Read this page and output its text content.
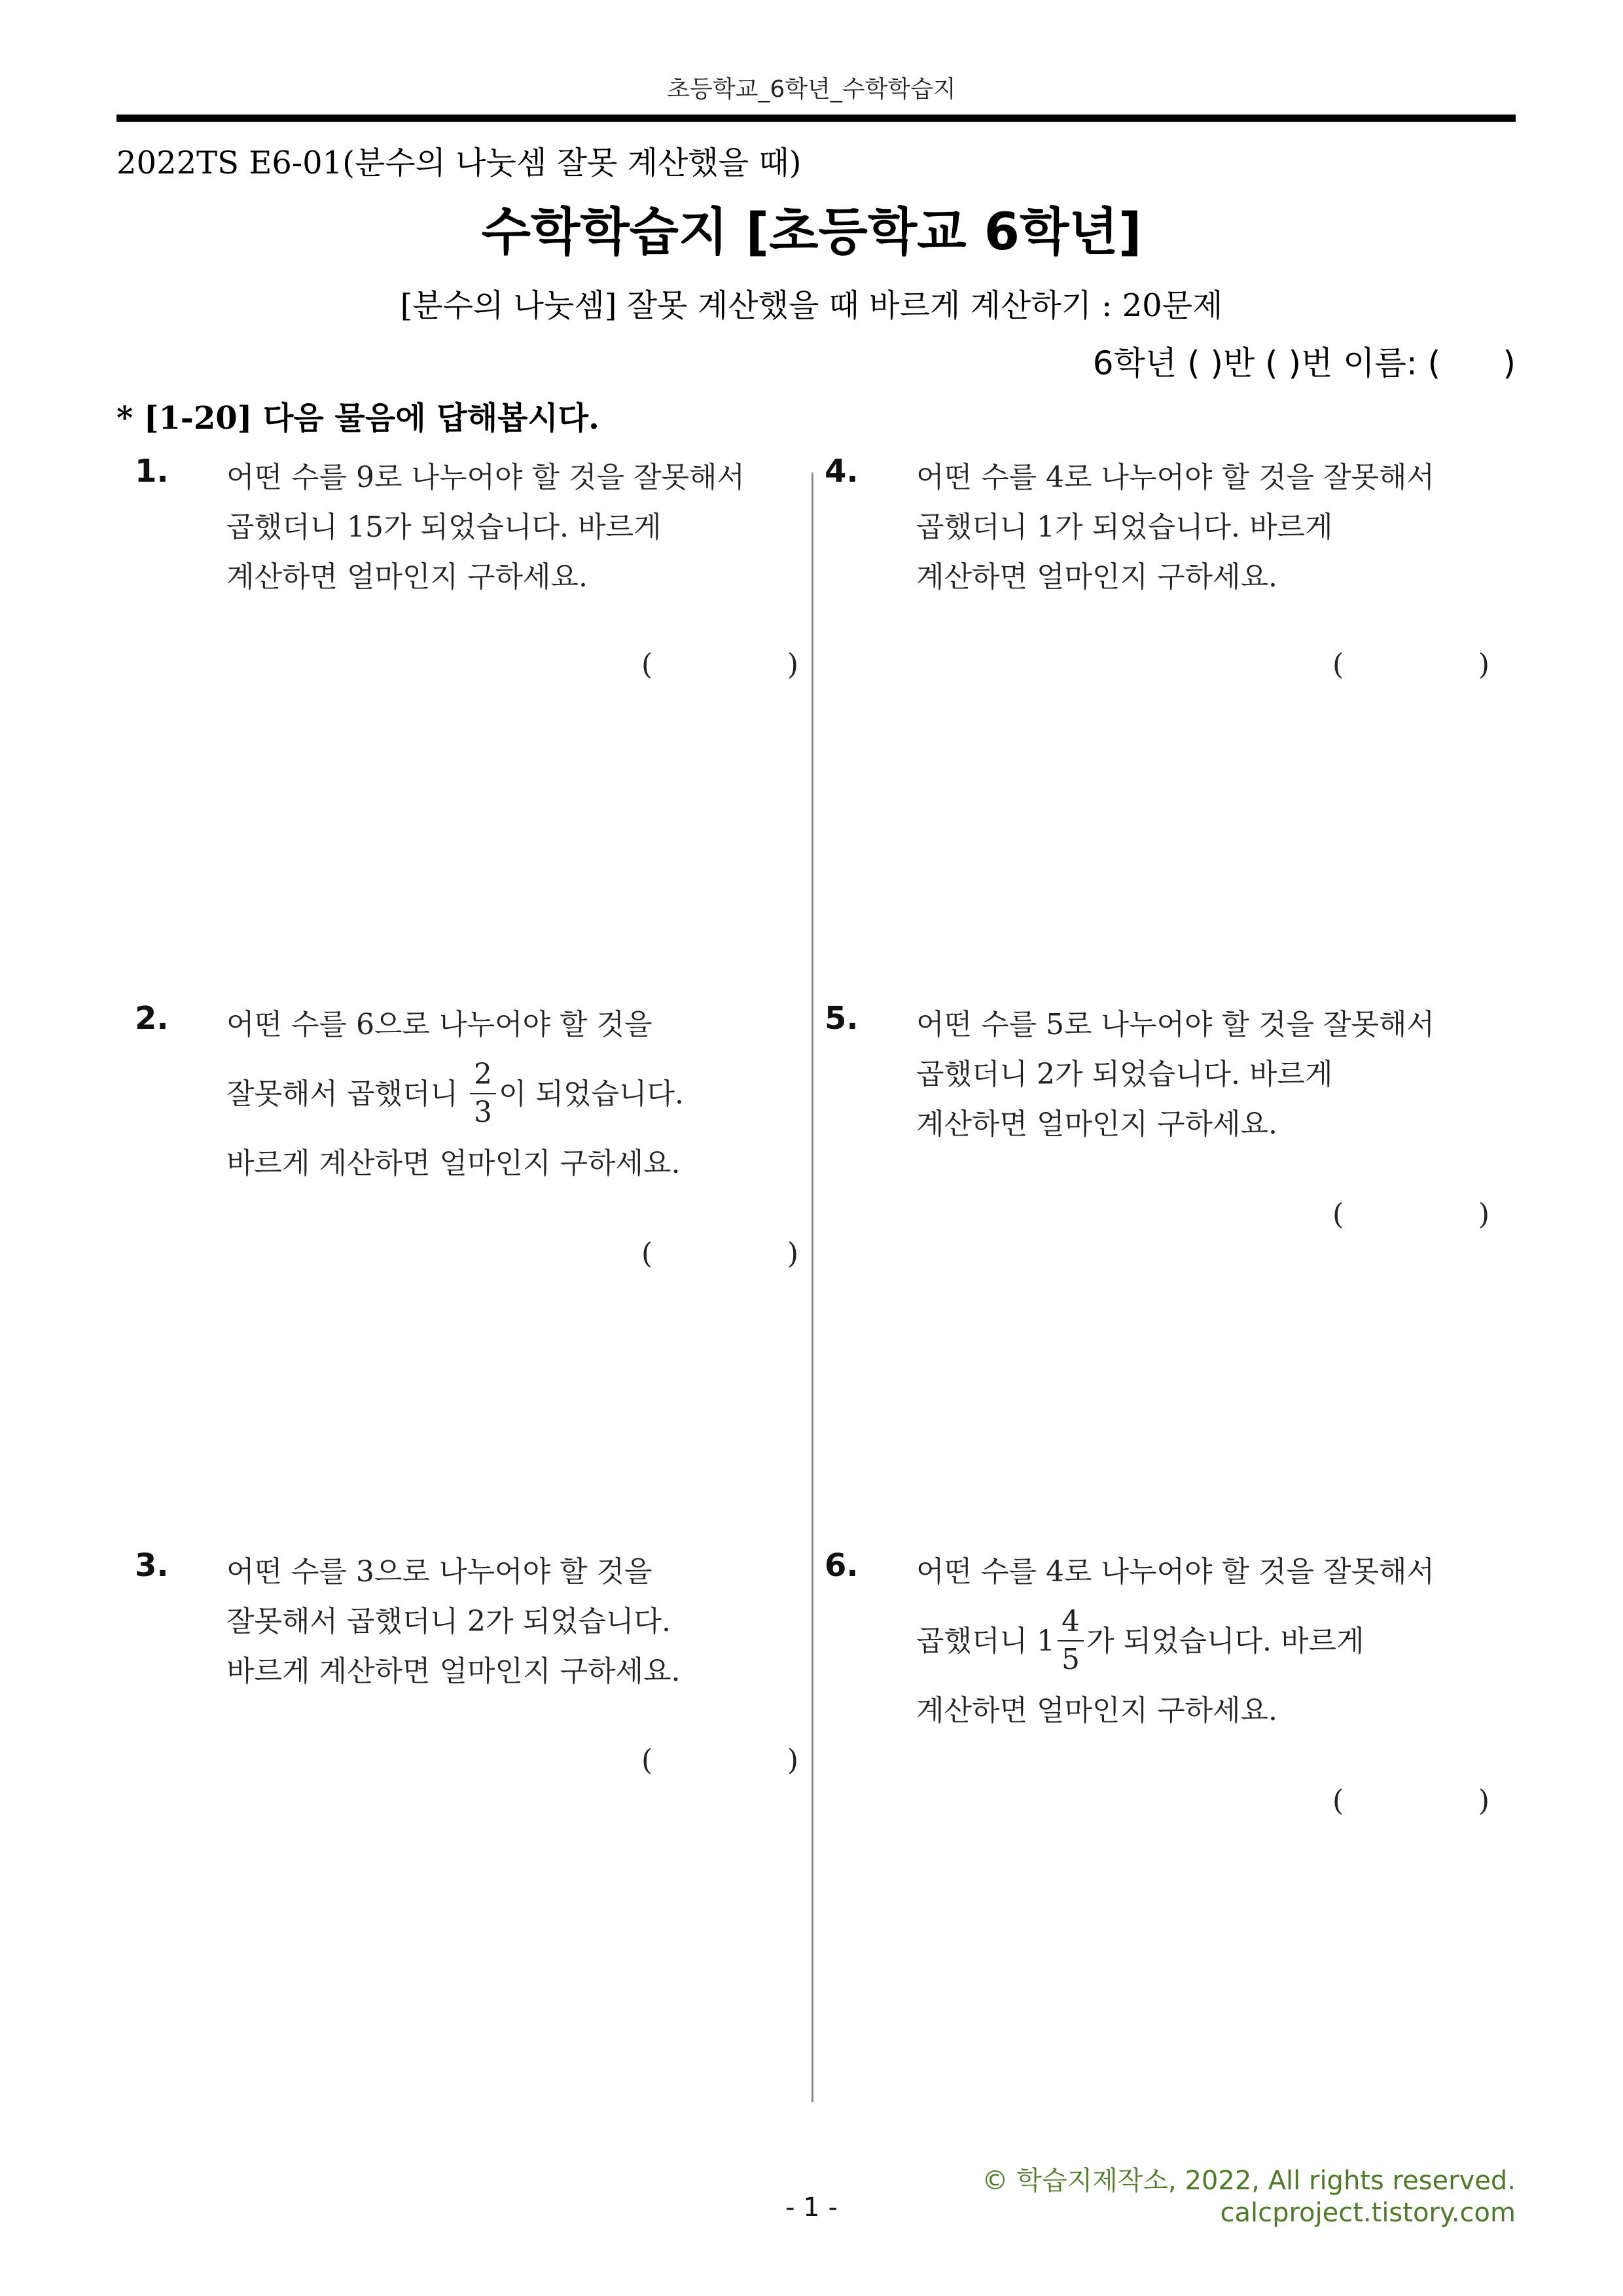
초등학교_6학년_수학학습지
2022TS E6-01(분수의 나눗셈 잘못 계산했을 때)
수학학습지 [초등학교 6학년]
[분수의 나눗셈] 잘못 계산했을 때 바르게 계산하기 : 20문제
6학년 ( )반 ( )번 이름: (      )
* [1-20] 다음 물음에 답해봅시다.
1. 어떤 수를 9로 나누어야 할 것을 잘못해서
곱했더니 15가 되었습니다. 바르게
계산하면 얼마인지 구하세요.
(	)
2. 어떤 수를 6으로 나누어야 할 것을
잘못해서 곱했더니 $\frac{2}{3}$ 이 되었습니다.
바르게 계산하면 얼마인지 구하세요.
(	)
3. 어떤 수를 3으로 나누어야 할 것을
잘못해서 곱했더니 2가 되었습니다.
바르게 계산하면 얼마인지 구하세요.
(	)
4. 어떤 수를 4로 나누어야 할 것을 잘못해서
곱했더니 1가 되었습니다. 바르게
계산하면 얼마인지 구하세요.
(	)
5. 어떤 수를 5로 나누어야 할 것을 잘못해서
곱했더니 2가 되었습니다. 바르게
계산하면 얼마인지 구하세요.
(	)
6. 어떤 수를 4로 나누어야 할 것을 잘못해서
곱했더니 $1 \frac{4}{5}$ 가 되었습니다. 바르게
계산하면 얼마인지 구하세요.
(	)
© 학습지제작소, 2022, All rights reserved.
calcproject.tistory.com
- 1 -
